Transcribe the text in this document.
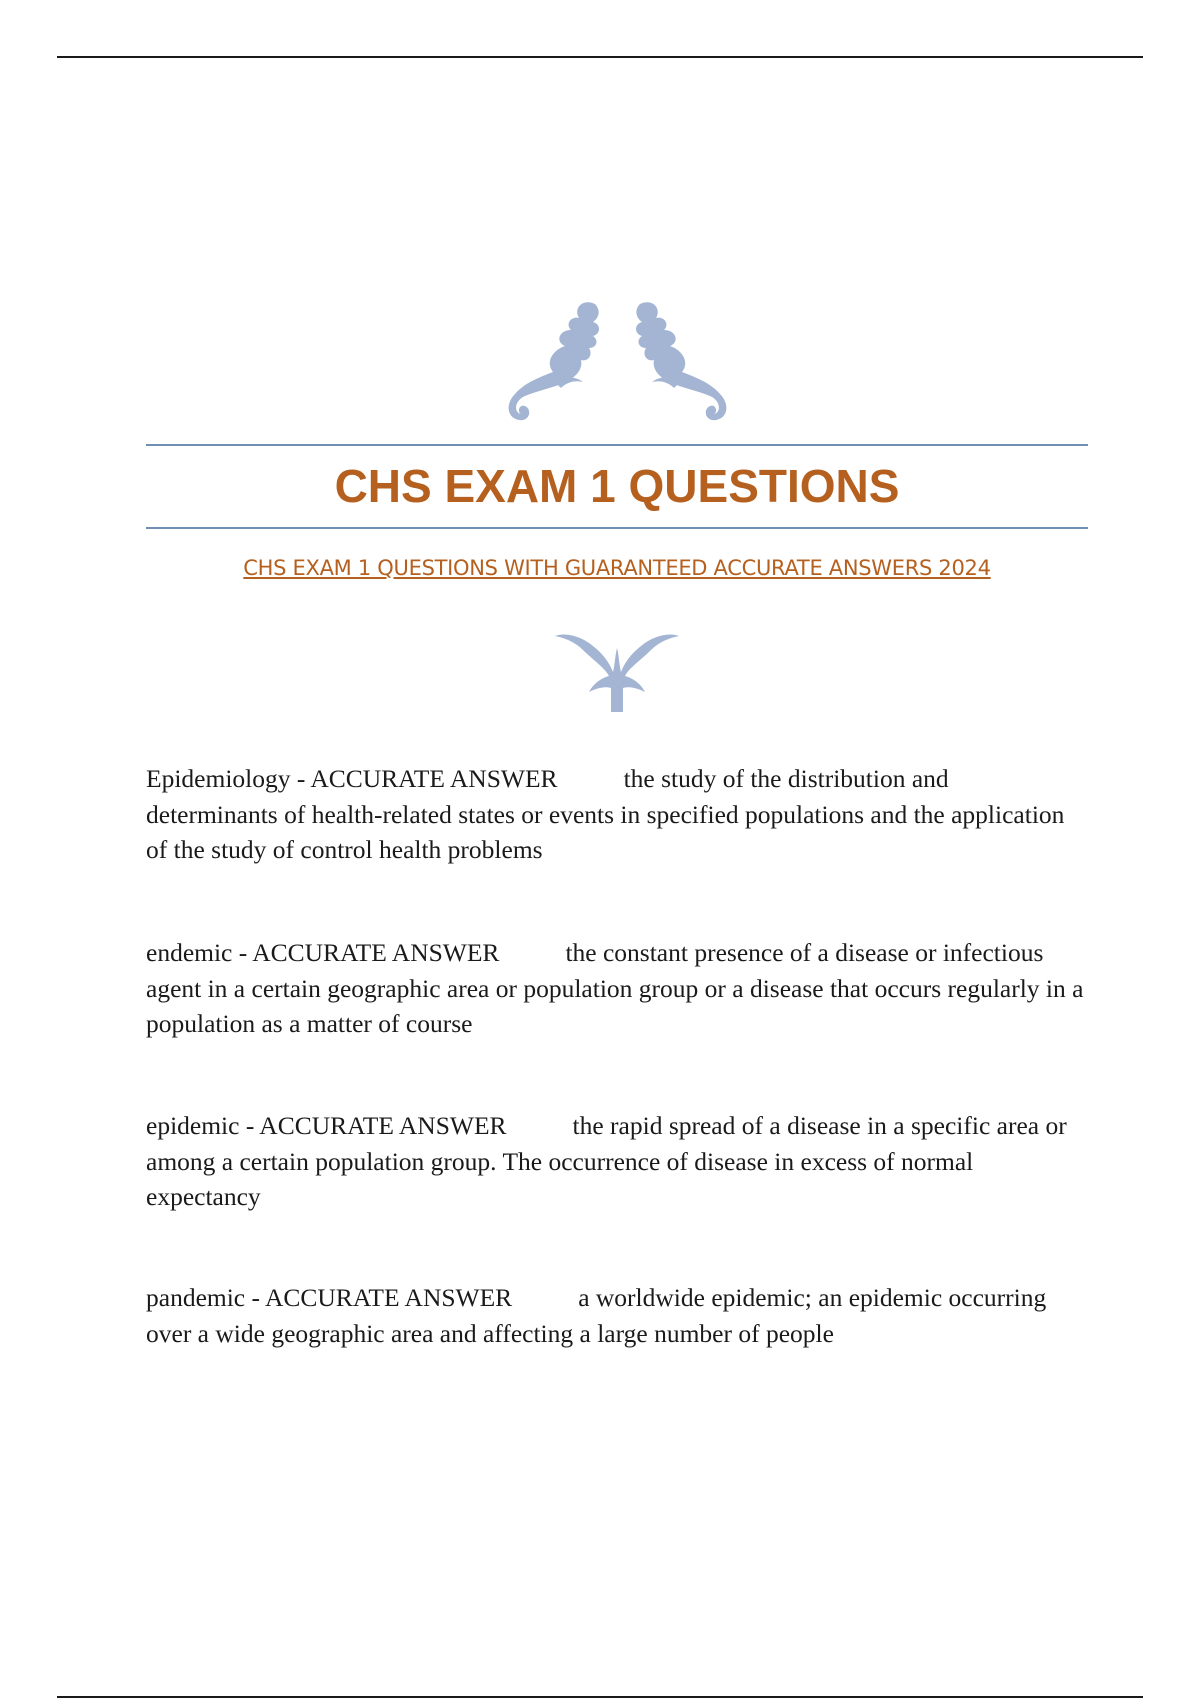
CHS EXAM 1 QUESTIONS
CHS EXAM 1 QUESTIONS WITH GUARANTEED ACCURATE ANSWERS 2024

Epidemiology - ACCURATE ANSWER	the study of the distribution and determinants of health-related states or events in specified populations and the application of the study of control health problems

endemic - ACCURATE ANSWER	the constant presence of a disease or infectious agent in a certain geographic area or population group or a disease that occurs regularly in a population as a matter of course

epidemic - ACCURATE ANSWER	the rapid spread of a disease in a specific area or among a certain population group. The occurrence of disease in excess of normal expectancy

pandemic - ACCURATE ANSWER	a worldwide epidemic; an epidemic occurring over a wide geographic area and affecting a large number of people
